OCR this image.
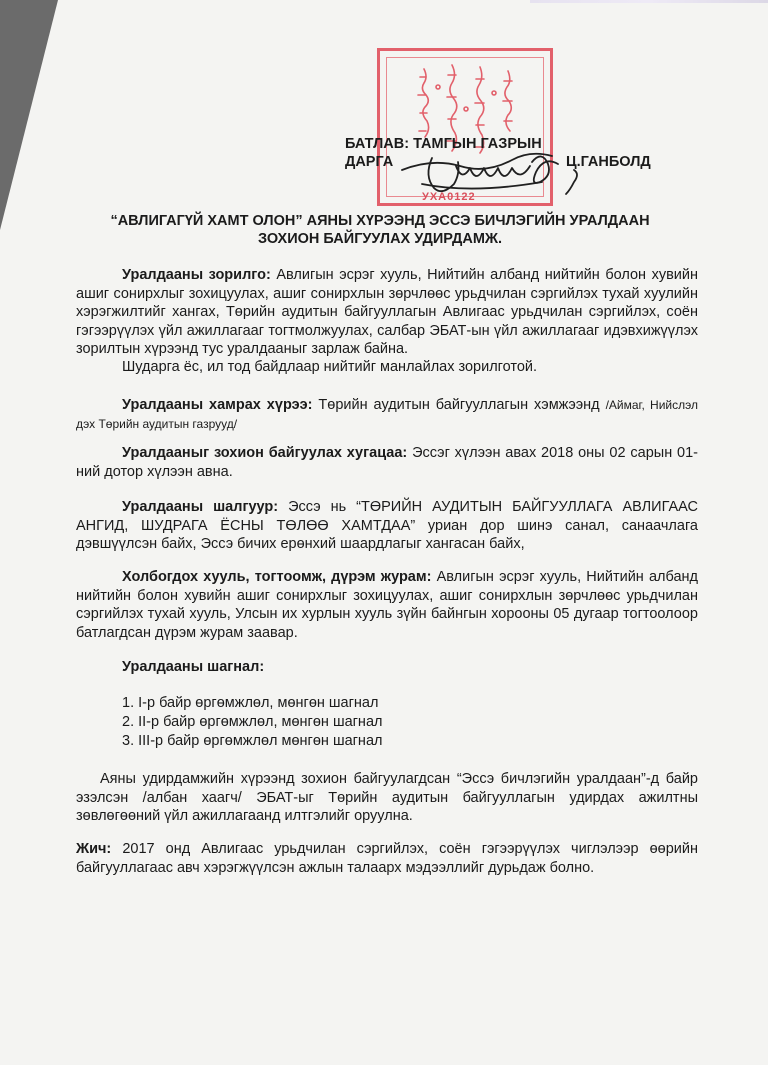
УХА0122
БАТЛАВ: ТАМГЫН ГАЗРЫН
ДАРГА	Ц.ГАНБОЛД
“АВЛИГАГҮЙ ХАМТ ОЛОН” АЯНЫ ХҮРЭЭНД ЭССЭ БИЧЛЭГИЙН УРАЛДААН
ЗОХИОН БАЙГУУЛАХ УДИРДАМЖ.
Уралдааны зорилго: Авлигын эсрэг хууль, Нийтийн албанд нийтийн болон хувийн ашиг сонирхлыг зохицуулах, ашиг сонирхлын зөрчлөөс урьдчилан сэргийлэх тухай хуулийн хэрэгжилтийг хангах, Төрийн аудитын байгууллагын Авлигаас урьдчилан сэргийлэх, соён гэгээрүүлэх үйл ажиллагааг тогтмолжуулах, салбар ЭБАТ-ын үйл ажиллагааг идэвхижүүлэх зорилтын хүрээнд тус уралдааныг зарлаж байна.
Шударга ёс, ил тод байдлаар нийтийг манлайлах зорилготой.
Уралдааны хамрах хүрээ: Төрийн аудитын байгууллагын хэмжээнд /Аймаг, Нийслэл дэх Төрийн аудитын газрууд/
Уралдааныг зохион байгуулах хугацаа: Эссэг хүлээн авах 2018 оны 02 сарын 01-ний дотор хүлээн авна.
Уралдааны шалгуур: Эссэ нь “ТӨРИЙН АУДИТЫН БАЙГУУЛЛАГА АВЛИГААС АНГИД, ШУДРАГА ЁСНЫ ТӨЛӨӨ ХАМТДАА” уриан дор шинэ санал, санаачлага дэвшүүлсэн байх, Эссэ бичих ерөнхий шаардлагыг хангасан байх,
Холбогдох хууль, тогтоомж, дүрэм журам: Авлигын эсрэг хууль, Нийтийн албанд нийтийн болон хувийн ашиг сонирхлыг зохицуулах, ашиг сонирхлын зөрчлөөс урьдчилан сэргийлэх тухай хууль, Улсын их хурлын хууль зүйн байнгын хорооны 05 дугаар тогтоолоор батлагдсан дүрэм журам заавар.
Уралдааны шагнал:
1. I-р байр өргөмжлөл, мөнгөн шагнал
2. II-р байр өргөмжлөл, мөнгөн шагнал
3. III-р байр өргөмжлөл мөнгөн шагнал
Аяны удирдамжийн хүрээнд зохион байгуулагдсан “Эссэ бичлэгийн уралдаан”-д байр эзэлсэн /албан хаагч/ ЭБАТ-ыг Төрийн аудитын байгууллагын удирдах ажилтны зөвлөгөөний үйл ажиллагаанд илтгэлийг оруулна.
Жич: 2017 онд Авлигаас урьдчилан сэргийлэх, соён гэгээрүүлэх чиглэлээр өөрийн байгууллагаас авч хэрэгжүүлсэн ажлын талаарх мэдээллийг дурьдаж болно.
